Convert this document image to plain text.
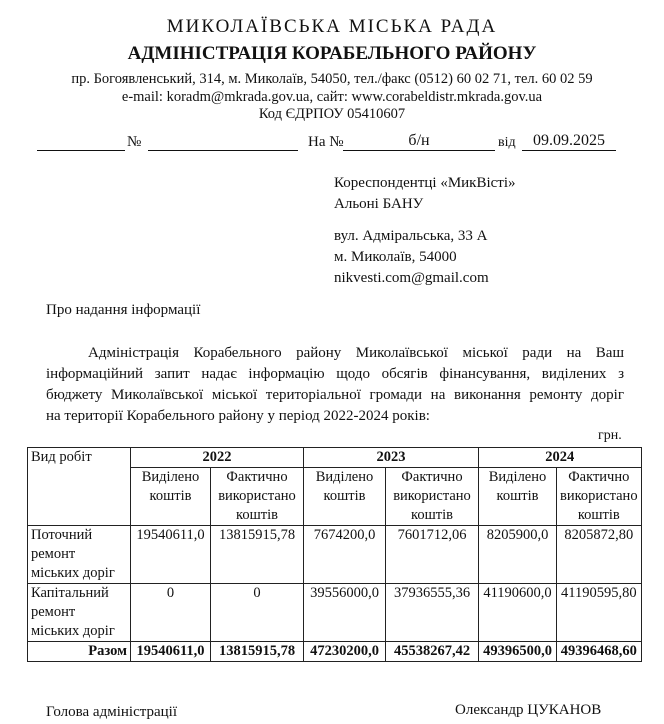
МИКОЛАЇВСЬКА МІСЬКА РАДА
АДМІНІСТРАЦІЯ КОРАБЕЛЬНОГО РАЙОНУ
пр. Богоявленський, 314, м. Миколаїв, 54050, тел./факс (0512) 60 02 71, тел. 60 02 59
e-mail: koradm@mkrada.gov.ua, сайт: www.corabeldistr.mkrada.gov.ua
Код ЄДРПОУ 05410607
№	На №	б/н	від	09.09.2025
Кореспондентці «МикВісті»
Альоні БАНУ
вул. Адміральська, 33 А
м. Миколаїв, 54000
nikvesti.com@gmail.com
Про надання інформації
Адміністрація Корабельного району Миколаївської міської ради на Ваш
інформаційний запит надає інформацію щодо обсягів фінансування, виділених з
бюджету Миколаївської міської територіальної громади на виконання ремонту доріг
на території Корабельного району у період 2022-2024 років:
грн.
Вид робіт	2022		2023		2024	
	Виділено коштів	Фактично використано коштів	Виділено коштів	Фактично використано коштів	Виділено коштів	Фактично використано коштів
Поточний ремонт міських доріг	19540611,0	13815915,78	7674200,0	7601712,06	8205900,0	8205872,80
Капітальний ремонт міських доріг	0	0	39556000,0	37936555,36	41190600,0	41190595,80
Разом	19540611,0	13815915,78	47230200,0	45538267,42	49396500,0	49396468,60
Голова адміністрації	Олександр ЦУКАНОВ
